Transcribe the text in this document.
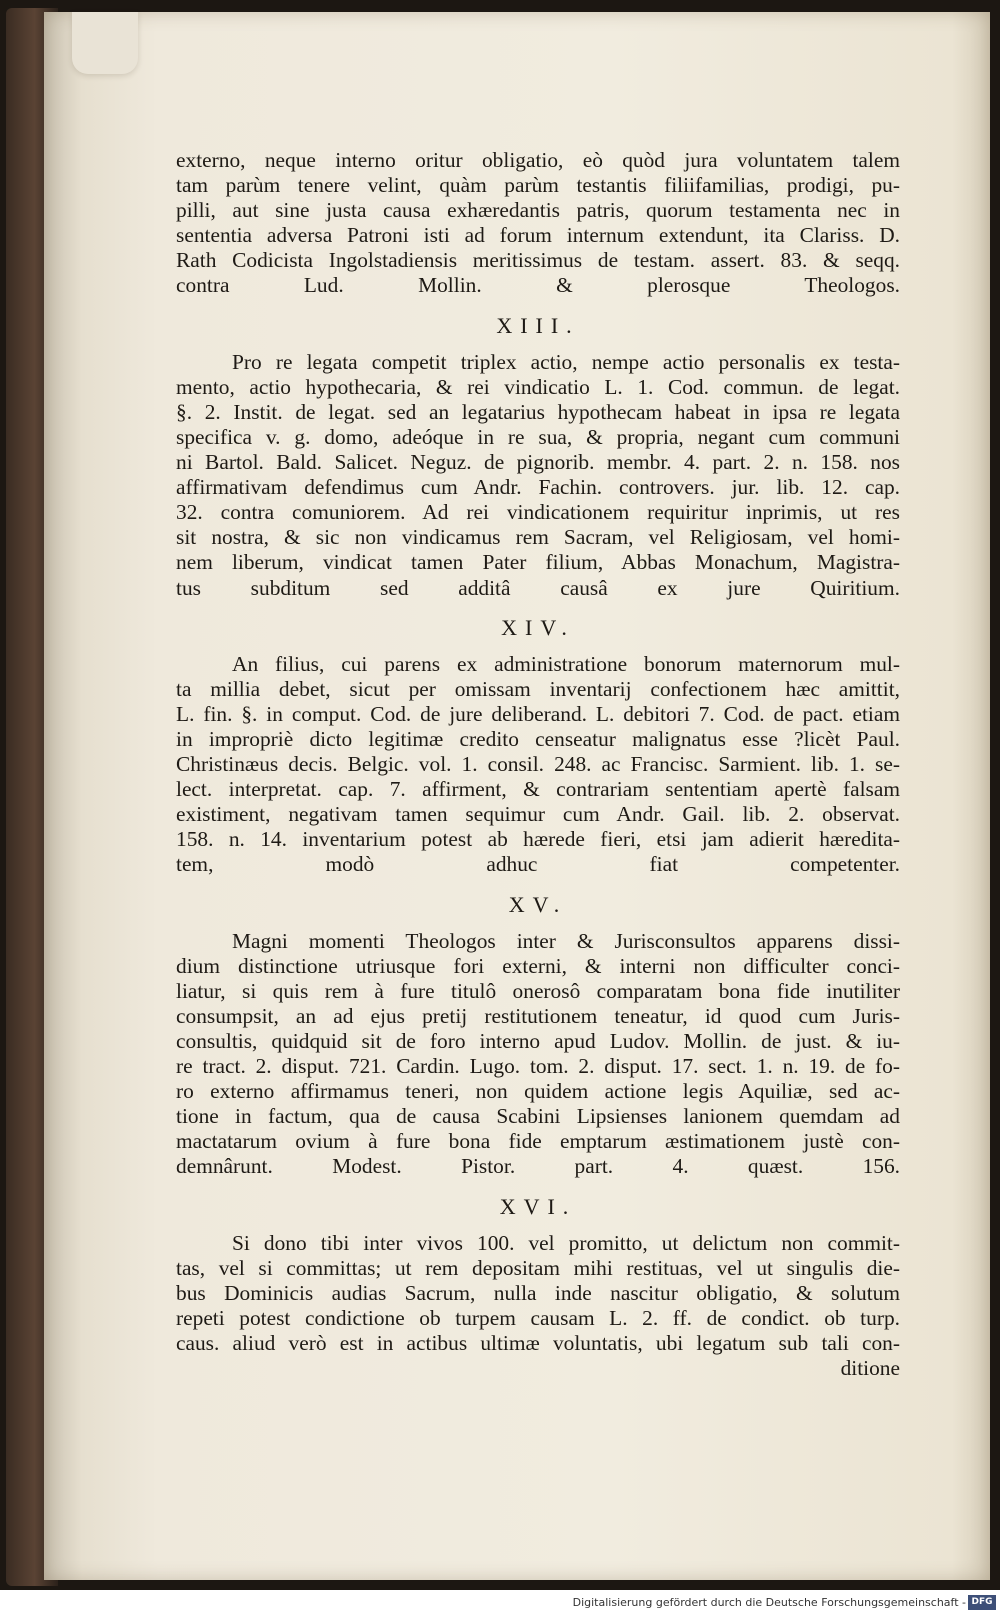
externo, neque interno oritur obligatio, eò quòd jura voluntatem talem
tam parùm tenere velint, quàm parùm testantis filiifamilias, prodigi, pu-
pilli, aut sine justa causa exhæredantis patris, quorum testamenta nec in
sententia adversa Patroni isti ad forum internum extendunt, ita Clariss. D.
Rath Codicista Ingolstadiensis meritissimus de testam. assert. 83. & seqq.
contra Lud. Mollin. & plerosque Theologos.
XIII.
Pro re legata competit triplex actio, nempe actio personalis ex testa-
mento, actio hypothecaria, & rei vindicatio L. 1. Cod. commun. de legat.
§. 2. Instit. de legat. sed an legatarius hypothecam habeat in ipsa re legata
specifica v. g. domo, adeóque in re sua, & propria, negant cum communi
ni Bartol. Bald. Salicet. Neguz. de pignorib. membr. 4. part. 2. n. 158. nos
affirmativam defendimus cum Andr. Fachin. controvers. jur. lib. 12. cap.
32. contra comuniorem. Ad rei vindicationem requiritur inprimis, ut res
sit nostra, & sic non vindicamus rem Sacram, vel Religiosam, vel homi-
nem liberum, vindicat tamen Pater filium, Abbas Monachum, Magistra-
tus subditum sed additâ causâ ex jure Quiritium.
XIV.
An filius, cui parens ex administratione bonorum maternorum mul-
ta millia debet, sicut per omissam inventarij confectionem hæc amittit,
L. fin. §. in comput. Cod. de jure deliberand. L. debitori 7. Cod. de pact. etiam
in impropriè dicto legitimæ credito censeatur malignatus esse ?licèt Paul.
Christinæus decis. Belgic. vol. 1. consil. 248. ac Francisc. Sarmient. lib. 1. se-
lect. interpretat. cap. 7. affirment, & contrariam sententiam apertè falsam
existiment, negativam tamen sequimur cum Andr. Gail. lib. 2. observat.
158. n. 14. inventarium potest ab hærede fieri, etsi jam adierit hæredita-
tem, modò adhuc fiat competenter.
XV.
Magni momenti Theologos inter & Jurisconsultos apparens dissi-
dium distinctione utriusque fori externi, & interni non difficulter conci-
liatur, si quis rem à fure titulô onerosô comparatam bona fide inutiliter
consumpsit, an ad ejus pretij restitutionem teneatur, id quod cum Juris-
consultis, quidquid sit de foro interno apud Ludov. Mollin. de just. & iu-
re tract. 2. disput. 721. Cardin. Lugo. tom. 2. disput. 17. sect. 1. n. 19. de fo-
ro externo affirmamus teneri, non quidem actione legis Aquiliæ, sed ac-
tione in factum, qua de causa Scabini Lipsienses lanionem quemdam ad
mactatarum ovium à fure bona fide emptarum æstimationem justè con-
demnârunt. Modest. Pistor. part. 4. quæst. 156.
XVI.
Si dono tibi inter vivos 100. vel promitto, ut delictum non commit-
tas, vel si committas; ut rem depositam mihi restituas, vel ut singulis die-
bus Dominicis audias Sacrum, nulla inde nascitur obligatio, & solutum
repeti potest condictione ob turpem causam L. 2. ff. de condict. ob turp.
caus. aliud verò est in actibus ultimæ voluntatis, ubi legatum sub tali con-
ditione
Digitalisierung gefördert durch die Deutsche Forschungsgemeinschaft - DFG
